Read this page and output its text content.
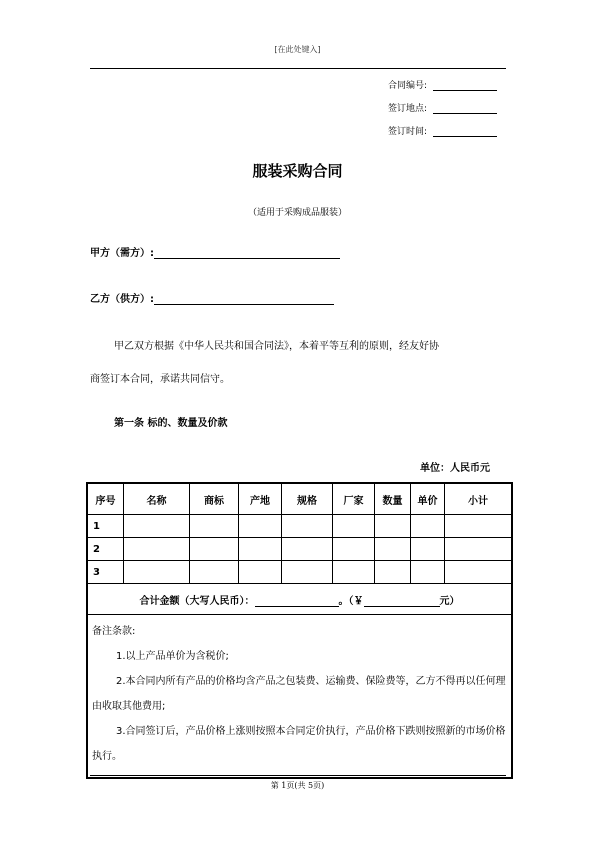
[在此处键入]
合同编号:
签订地点:
签订时间:
服装采购合同
（适用于采购成品服装）
甲方（需方）:
乙方（供方）:
甲乙双方根据《中华人民共和国合同法》，本着平等互利的原则，经友好协
商签订本合同，承诺共同信守。
第一条 标的、数量及价款
单位：人民币元
序号	名称	商标	产地	规格	厂家	数量	单价	小计
1								
2								
3								
合计金额（大写人民币）： 。（￥ 元）								

备注条款:

1.以上产品单价为含税价;

2.本合同内所有产品的价格均含产品之包装费、运输费、保险费等，乙方不得再以任何理由收取其他费用;

3.合同签订后，产品价格上涨则按照本合同定价执行，产品价格下跌则按照新的市场价格执行。								

第 1页(共 5页)
